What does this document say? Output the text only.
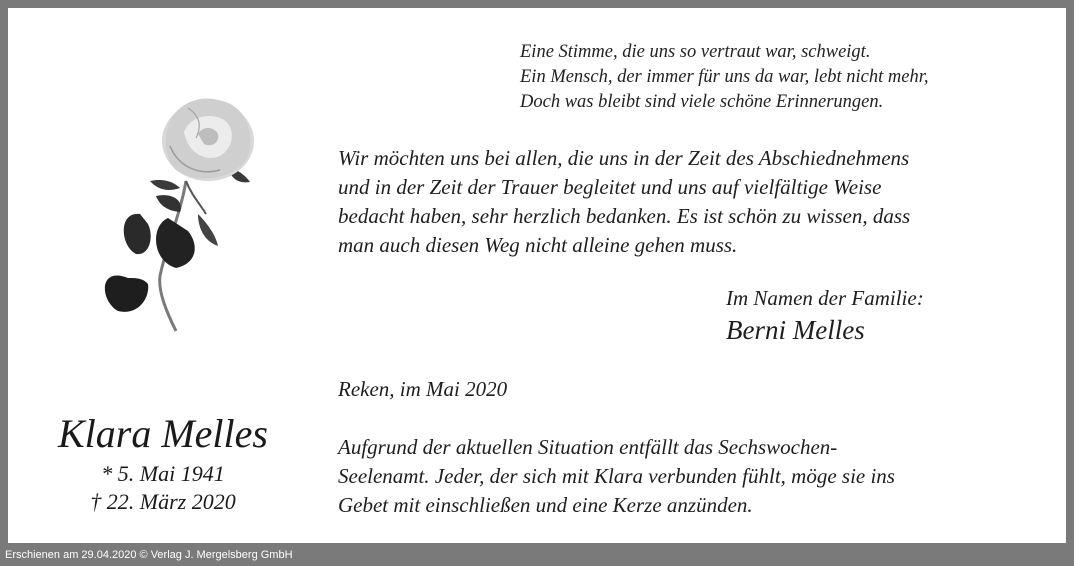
Eine Stimme, die uns so vertraut war, schweigt.
Ein Mensch, der immer für uns da war, lebt nicht mehr,
Doch was bleibt sind viele schöne Erinnerungen.
Wir möchten uns bei allen, die uns in der Zeit des Abschiednehmens
und in der Zeit der Trauer begleitet und uns auf vielfältige Weise
bedacht haben, sehr herzlich bedanken. Es ist schön zu wissen, dass
man auch diesen Weg nicht alleine gehen muss.
Im Namen der Familie:
Berni Melles
Reken, im Mai 2020
Aufgrund der aktuellen Situation entfällt das Sechswochen-
Seelenamt. Jeder, der sich mit Klara verbunden fühlt, möge sie ins
Gebet mit einschließen und eine Kerze anzünden.
Klara Melles
* 5. Mai 1941
† 22. März 2020
Erschienen am 29.04.2020 © Verlag J. Mergelsberg GmbH
